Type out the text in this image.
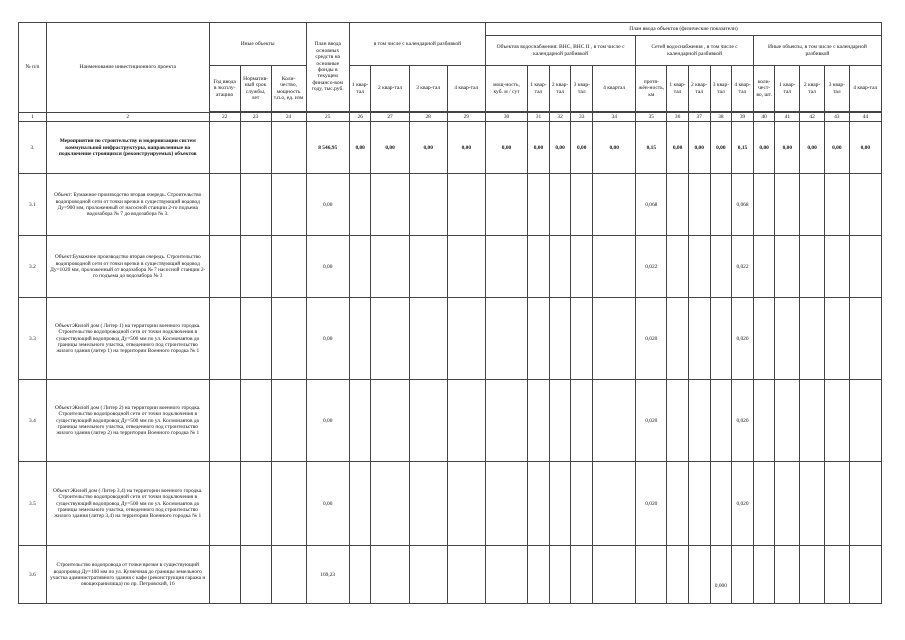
№ п/п	Наименование инвестиционного проекта	Иные объекты			План ввода основных средств на основные фонды в текущем финансо-вом году, тыс.руб.	в том числе с календарной разбивкой				План ввода объектов (физические показатели)														
										Объектов водоснабжения: ВНС, ВНС II , в том числе с календарной разбивкой					Сетей водоснабжения , в том числе с календарной разбивкой					Иные объекты, в том числе с календарной разбивкой				
		Год ввода в эксплу-атацию	Норматив-ный срок службы, лет	Коли-чество, мощность т.п.о, ед. изм		1 квар-тал	2 квар-тал	3 квар-тал	4 квар-тал	мощ-ность, куб. м / сут	1 квар-тал	2 квар-тал	3 квар-тал	4 квартал	протя-жён-ность, км	1 квар-тал	2 квар-тал	3 квар-тал	4 квар-тал	коли-чест-во, шт.	1 квар-тал	2 квар-тал	3 квар-тал	4 квар-тал

1	2	22	23	24	25	26	27	28	29	30	31	32	33	34	35	36	37	38	39	40	41	42	43	44
3.	Мероприятия по строительству и модернизации систем коммунальной инфраструктуры, направленные на подключение строящихся (реконструируемых) объектов				8 546,95	0,00	0,00	0,00	0,00	0,00	0,00	0,00	0,00	0,00	0,15	0,00	0,00	0,00	0,15	0,00	0,00	0,00	0,00	0,00
3.1	Объект: Бумажное производство вторая очередь. Строительство водопроводной сети от точки врезки в существующий водовод Ду=900 мм, проложенный от насосной станции 2-го подъема водозабора № 7 до водозабора № 3.				0,00										0,068				0,068					
3.2	Объект:Бумажное производство вторая очередь. Строительство водопроводной сети от точки врезки в существующий водовод Ду=1020 мм, проложенный от водозабора № 7 насосной станции 2-го подъема до водозабора № 3				0,00										0,022				0,022					
3.3	Объект:Жилой дом ( Литер 1) на территории военного городка. Строительство водопроводной сети от точки подключения в существующий водопровод Ду=500 мм по ул. Космонавтов до границы земельного участка, отведенного под строительство жилого здания (литер 1) на территории Военного городка № 1				0,00										0,020				0,020					
3.4	Объект:Жилой дом ( Литер 2) на территории военного городка. Строительство водопроводной сети от точки подключения в существующий водопровод Ду=500 мм по ул. Космонавтов до границы земельного участка, отведенного под строительство жилого здания (литер 2) на территории Военного городка № 1				0,00										0,020				0,020					
3.5	Объект:Жилой дом ( Литер 3,4) на территории военного городка. Строительство водопроводной сети от точки подключения в существующий водопровод Ду=500 мм по ул. Космонавтов до границы земельного участка, отведенного под строительство жилого здания (литер 3,4) на территории Военного городка № 1				0,00										0,020				0,020					
3.6	Строительство водопровода от точки врезки в существующий водопровод Ду=100 мм по ул. Кузнечная до границы земельного участка административного здания с кафе (реконструкция гаража и овощехранилища) по пр. Петровский, 16				169,23													0,000						
